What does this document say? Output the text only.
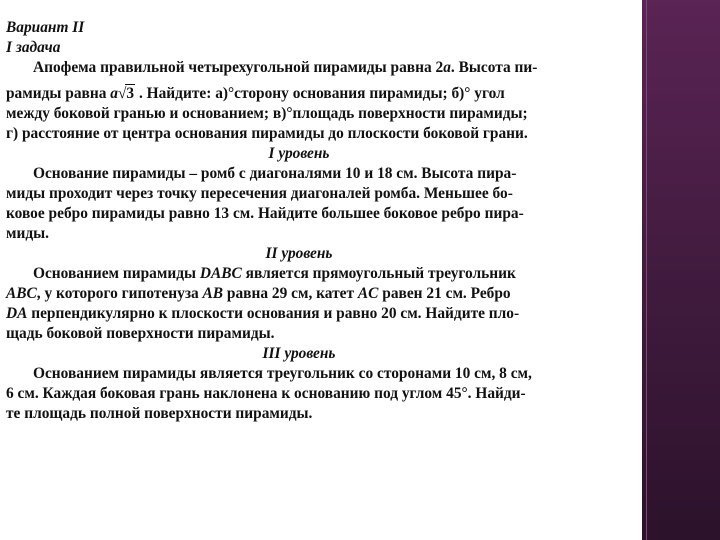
Вариант II
I задача
Апофема правильной четырехугольной пирамиды равна 2a. Высота пи-
рамиды равна a√3 . Найдите: а)°сторону основания пирамиды; б)° угол
между боковой гранью и основанием; в)°площадь поверхности пирамиды;
г) расстояние от центра основания пирамиды до плоскости боковой грани.
I уровень
Основание пирамиды – ромб с диагоналями 10 и 18 см. Высота пира-
миды проходит через точку пересечения диагоналей ромба. Меньшее бо-
ковое ребро пирамиды равно 13 см. Найдите большее боковое ребро пира-
миды.
II уровень
Основанием пирамиды DABC является прямоугольный треугольник
ABC, у которого гипотенуза AB равна 29 см, катет AC равен 21 см. Ребро
DA перпендикулярно к плоскости основания и равно 20 см. Найдите пло-
щадь боковой поверхности пирамиды.
III уровень
Основанием пирамиды является треугольник со сторонами 10 см, 8 см,
6 см. Каждая боковая грань наклонена к основанию под углом 45°. Найди-
те площадь полной поверхности пирамиды.
